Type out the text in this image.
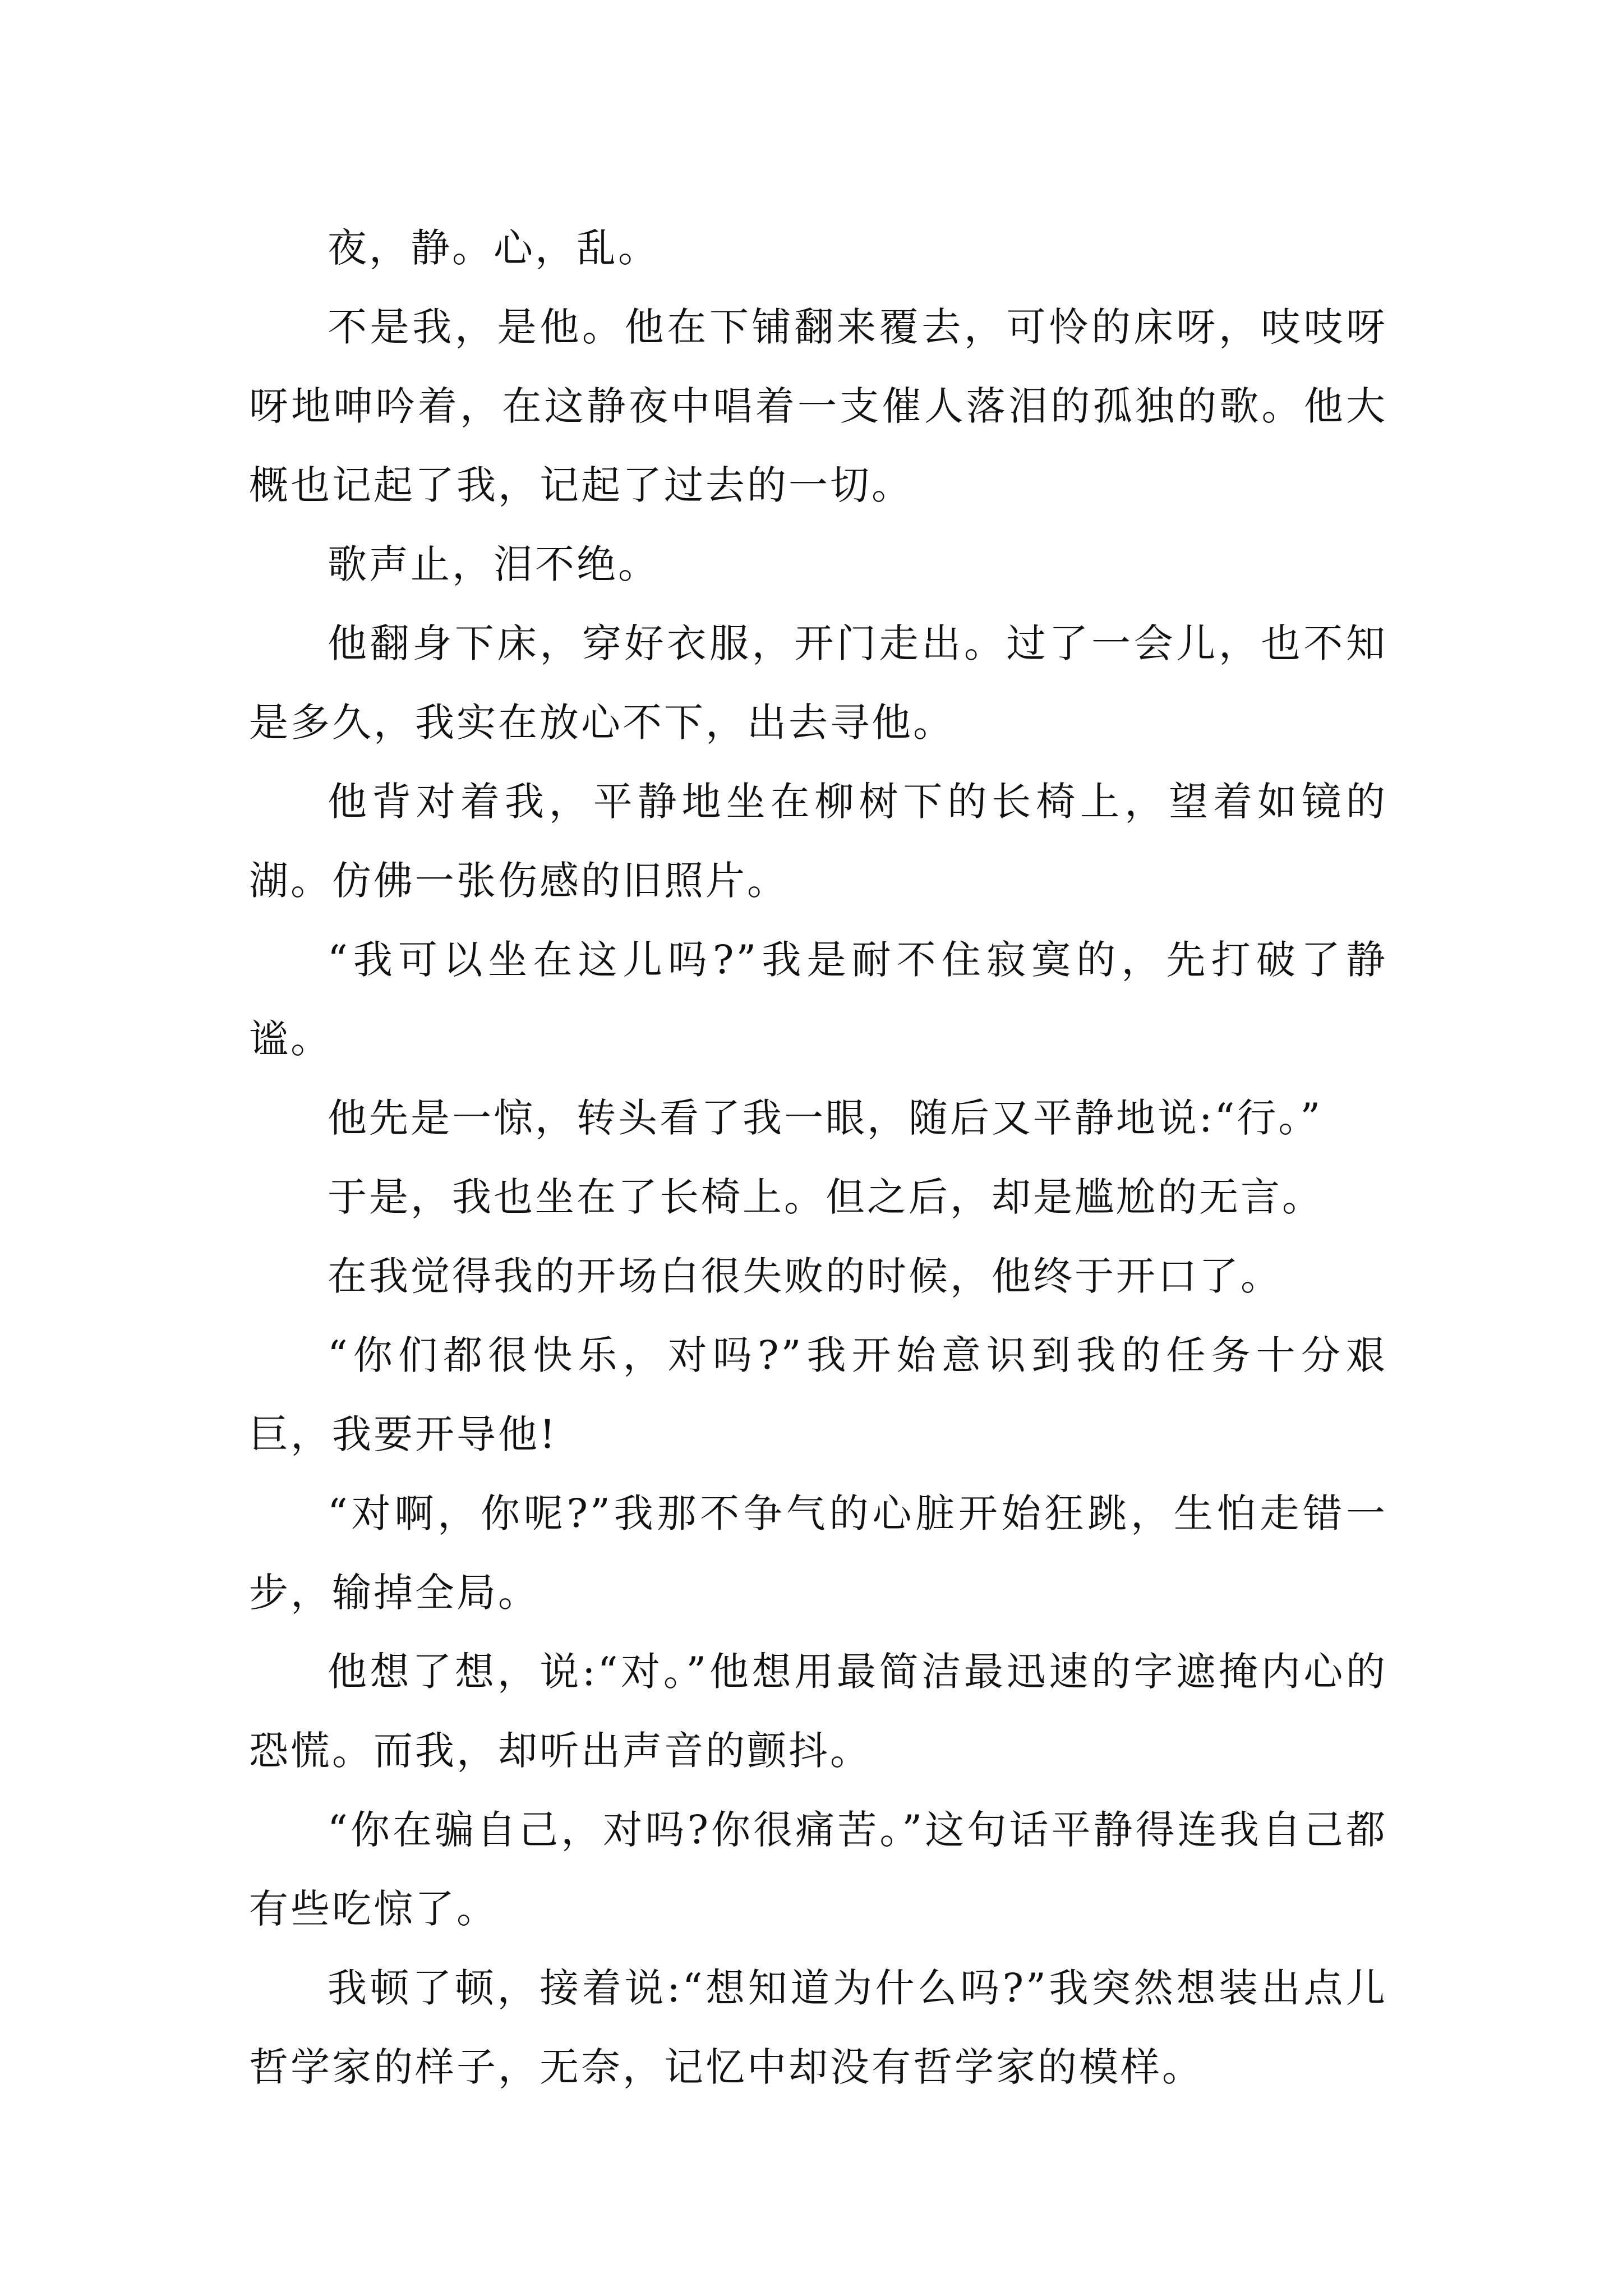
夜，静。心，乱。

不是我，是他。他在下铺翻来覆去，可怜的床呀，吱吱呀呀地呻吟着，在这静夜中唱着一支催人落泪的孤独的歌。他大概也记起了我，记起了过去的一切。

歌声止，泪不绝。

他翻身下床，穿好衣服，开门走出。过了一会儿，也不知是多久，我实在放心不下，出去寻他。

他背对着我，平静地坐在柳树下的长椅上，望着如镜的湖。仿佛一张伤感的旧照片。

“我可以坐在这儿吗?”我是耐不住寂寞的，先打破了静谧。

他先是一惊，转头看了我一眼，随后又平静地说:“行。”

于是，我也坐在了长椅上。但之后，却是尴尬的无言。

在我觉得我的开场白很失败的时候，他终于开口了。

“你们都很快乐，对吗?”我开始意识到我的任务十分艰巨，我要开导他!

“对啊，你呢?”我那不争气的心脏开始狂跳，生怕走错一步，输掉全局。

他想了想，说:“对。”他想用最简洁最迅速的字遮掩内心的恐慌。而我，却听出声音的颤抖。

“你在骗自己，对吗?你很痛苦。”这句话平静得连我自己都有些吃惊了。

我顿了顿，接着说:“想知道为什么吗?”我突然想装出点儿哲学家的样子，无奈，记忆中却没有哲学家的模样。
